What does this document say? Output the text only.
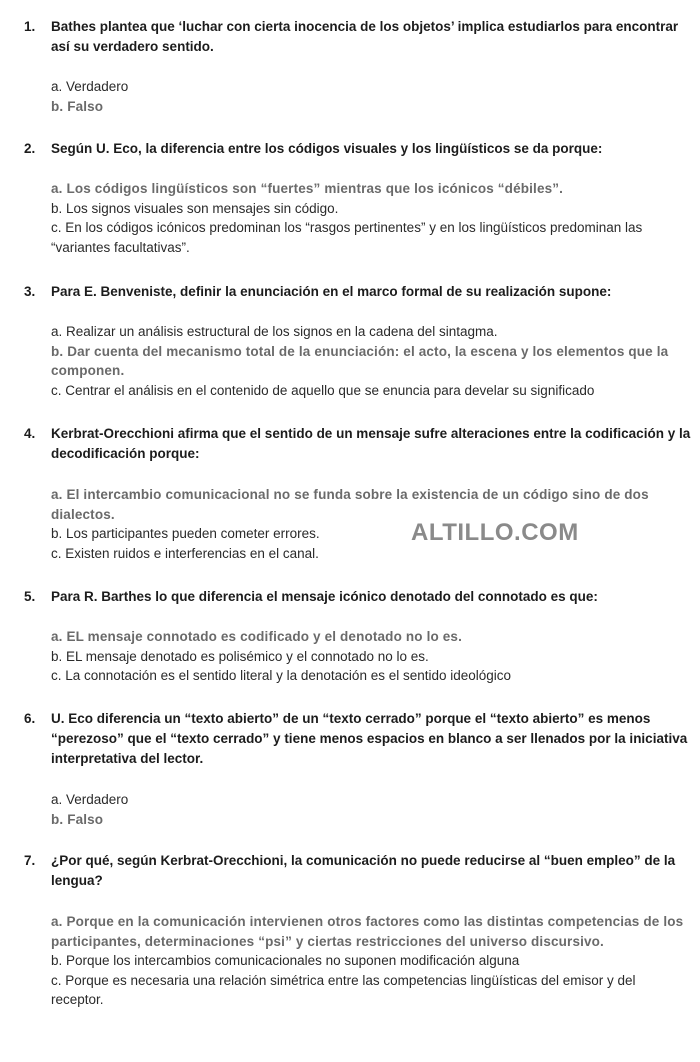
1. Bathes plantea que ‘luchar con cierta inocencia de los objetos’ implica estudiarlos para encontrar así su verdadero sentido.
a. Verdadero
b. Falso
2. Según U. Eco, la diferencia entre los códigos visuales y los lingüísticos se da porque:
a. Los códigos lingüísticos son “fuertes” mientras que los icónicos “débiles”.
b. Los signos visuales son mensajes sin código.
c. En los códigos icónicos predominan los “rasgos pertinentes” y en los lingüísticos predominan las “variantes facultativas”.
3. Para E. Benveniste, definir la enunciación en el marco formal de su realización supone:
a. Realizar un análisis estructural de los signos en la cadena del sintagma.
b. Dar cuenta del mecanismo total de la enunciación: el acto, la escena y los elementos que la componen.
c. Centrar el análisis en el contenido de aquello que se enuncia para develar su significado
4. Kerbrat-Orecchioni afirma que el sentido de un mensaje sufre alteraciones entre la codificación y la decodificación porque:
a. El intercambio comunicacional no se funda sobre la existencia de un código sino de dos dialectos.
b. Los participantes pueden cometer errores.
c. Existen ruidos e interferencias en el canal.
5. Para R. Barthes lo que diferencia el mensaje icónico denotado del connotado es que:
a. EL mensaje connotado es codificado y el denotado no lo es.
b. EL mensaje denotado es polisémico y el connotado no lo es.
c. La connotación es el sentido literal y la denotación es el sentido ideológico
6. U. Eco diferencia un “texto abierto” de un “texto cerrado” porque el “texto abierto” es menos “perezoso” que el “texto cerrado” y tiene menos espacios en blanco a ser llenados por la iniciativa interpretativa del lector.
a. Verdadero
b. Falso
7. ¿Por qué, según Kerbrat-Orecchioni, la comunicación no puede reducirse al “buen empleo” de la lengua?
a. Porque en la comunicación intervienen otros factores como las distintas competencias de los participantes, determinaciones “psi” y ciertas restricciones del universo discursivo.
b. Porque los intercambios comunicacionales no suponen modificación alguna
c. Porque es necesaria una relación simétrica entre las competencias lingüísticas del emisor y del receptor.
ALTILLO.COM
